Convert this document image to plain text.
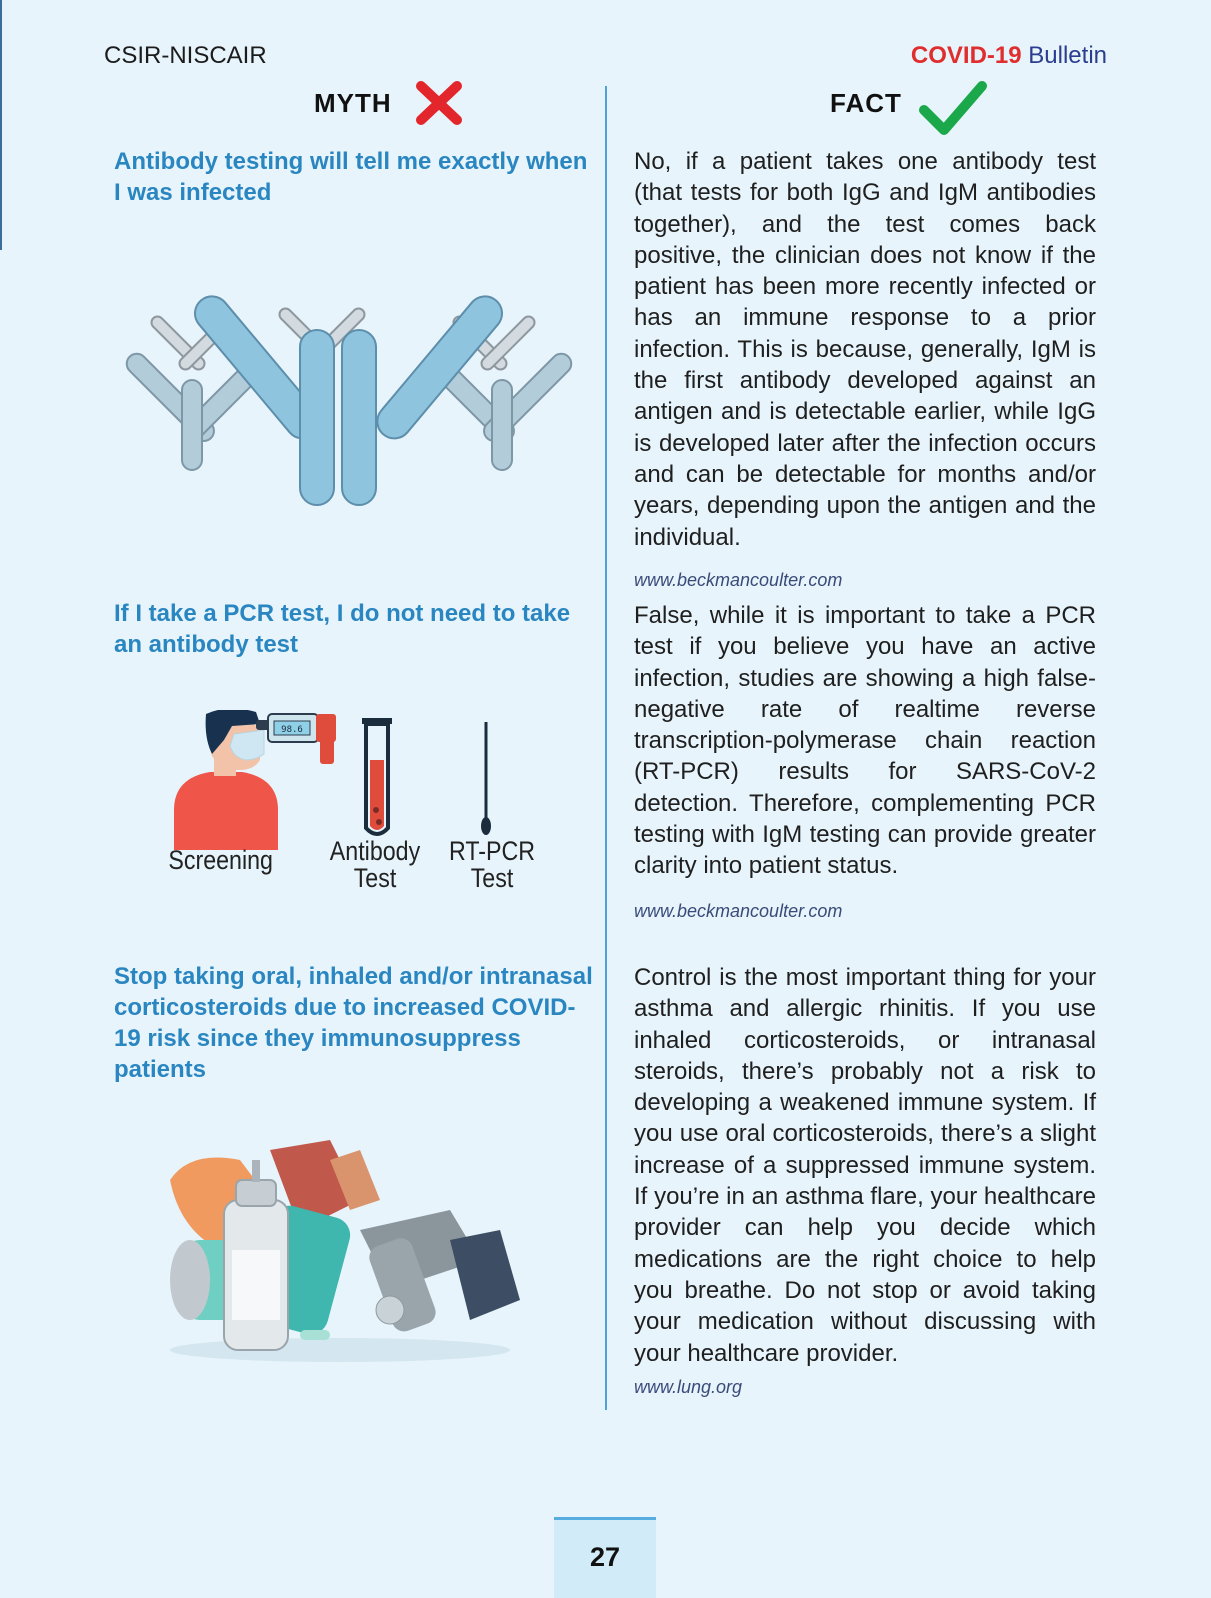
CSIR-NISCAIR	COVID-19 Bulletin
MYTH	FACT
Antibody testing will tell me exactly when I was infected
No, if a patient takes one antibody test (that tests for both IgG and IgM antibodies together), and the test comes back positive, the clinician does not know if the patient has been more recently infected or has an immune response to a prior infection. This is because, generally, IgM is the first antibody developed against an antigen and is detectable earlier, while IgG is developed later after the infection occurs and can be detectable for months and/or years, depending upon the antigen and the individual.
www.beckmancoulter.com
If I take a PCR test, I do not need to take an antibody test
False, while it is important to take a PCR test if you believe you have an active infection, studies are showing a high false-negative rate of realtime reverse transcription-polymerase chain reaction (RT-PCR) results for SARS-CoV-2 detection. Therefore, complementing PCR testing with IgM testing can provide greater clarity into patient status.
www.beckmancoulter.com
98.6
Screening Antibody
Test
RT-PCR
Test
Stop taking oral, inhaled and/or intranasal corticosteroids due to increased COVID-19 risk since they immunosuppress patients
Control is the most important thing for your asthma and allergic rhinitis. If you use inhaled corticosteroids, or intranasal steroids, there’s probably not a risk to developing a weakened immune system. If you use oral corticosteroids, there’s a slight increase of a suppressed immune system. If you’re in an asthma flare, your healthcare provider can help you decide which medications are the right choice to help you breathe. Do not stop or avoid taking your medication without discussing with your healthcare provider.
www.lung.org
27
